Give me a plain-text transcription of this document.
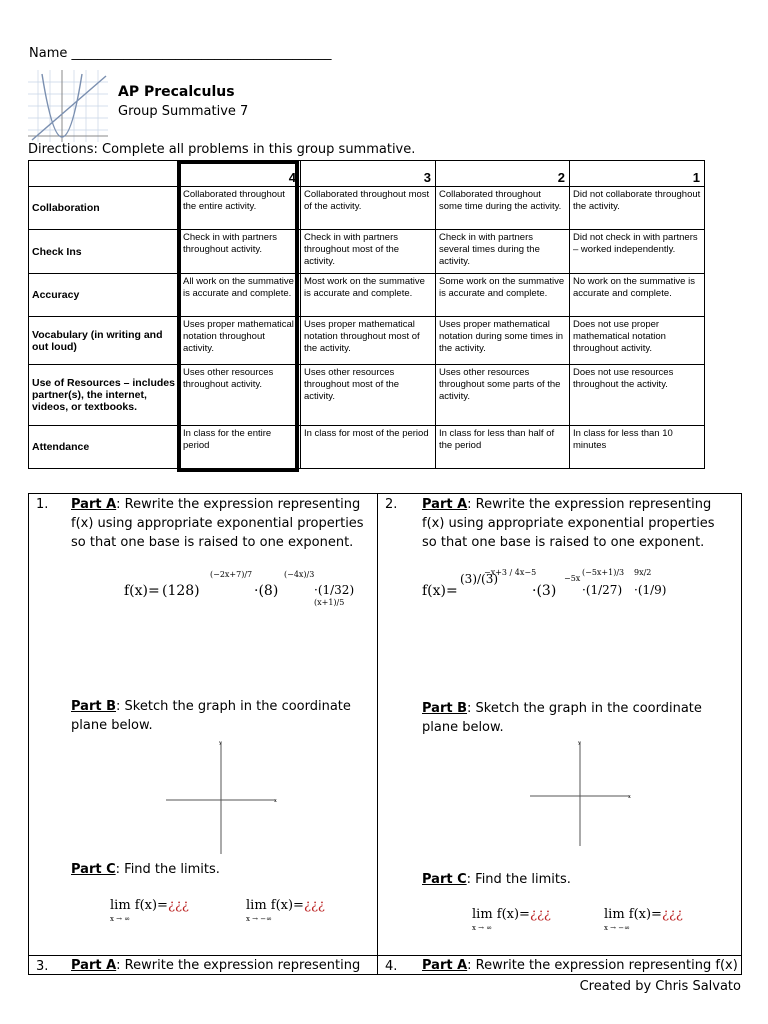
Name ________________________________________
AP Precalculus
Group Summative 7
Directions: Complete all problems in this group summative.
	4	3	2	1
Collaboration	Collaborated throughout the entire activity.	Collaborated throughout most of the activity.	Collaborated throughout some time during the activity.	Did not collaborate throughout the activity.
Check Ins	Check in with partners throughout activity.	Check in with partners throughout most of the activity.	Check in with partners several times during the activity.	Did not check in with partners – worked independently.
Accuracy	All work on the summative is accurate and complete.	Most work on the summative is accurate and complete.	Some work on the summative is accurate and complete.	No work on the summative is accurate and complete.
Vocabulary (in writing and out loud)	Uses proper mathematical notation throughout activity.	Uses proper mathematical notation throughout most of the activity.	Uses proper mathematical notation during some times in the activity.	Does not use proper mathematical notation throughout activity.
Use of Resources – includes partner(s), the internet, videos, or textbooks.	Uses other resources throughout activity.	Uses other resources throughout most of the activity.	Uses other resources throughout some parts of the activity.	Does not use resources throughout the activity.
Attendance	In class for the entire period	In class for most of the period	In class for less than half of the period	In class for less than 10 minutes
1. Part A: Rewrite the expression representing f(x) using appropriate exponential properties so that one base is raised to one exponent.
f(x)= (128)
(−2x+7)/7
·(8)
(−4x)/3
·(1/32)
(x+1)/5
Part B: Sketch the graph in the coordinate plane below.
x
y
Part C: Find the limits.
lim f(x)=¿¿¿
x → ∞
lim f(x)=¿¿¿
x → −∞
2. Part A: Rewrite the expression representing f(x) using appropriate exponential properties so that one base is raised to one exponent.
f(x)=
(3)/(3)
−x+3 / 4x−5
·(3)
−5x
·(1/27)
(−5x+1)/3
·(1/9)
9x/2
Part B: Sketch the graph in the coordinate plane below.
x
y
Part C: Find the limits.
lim f(x)=¿¿¿
x → ∞
lim f(x)=¿¿¿
x → −∞
3. Part A: Rewrite the expression representing	4. Part A: Rewrite the expression representing f(x)
Created by Chris Salvato
